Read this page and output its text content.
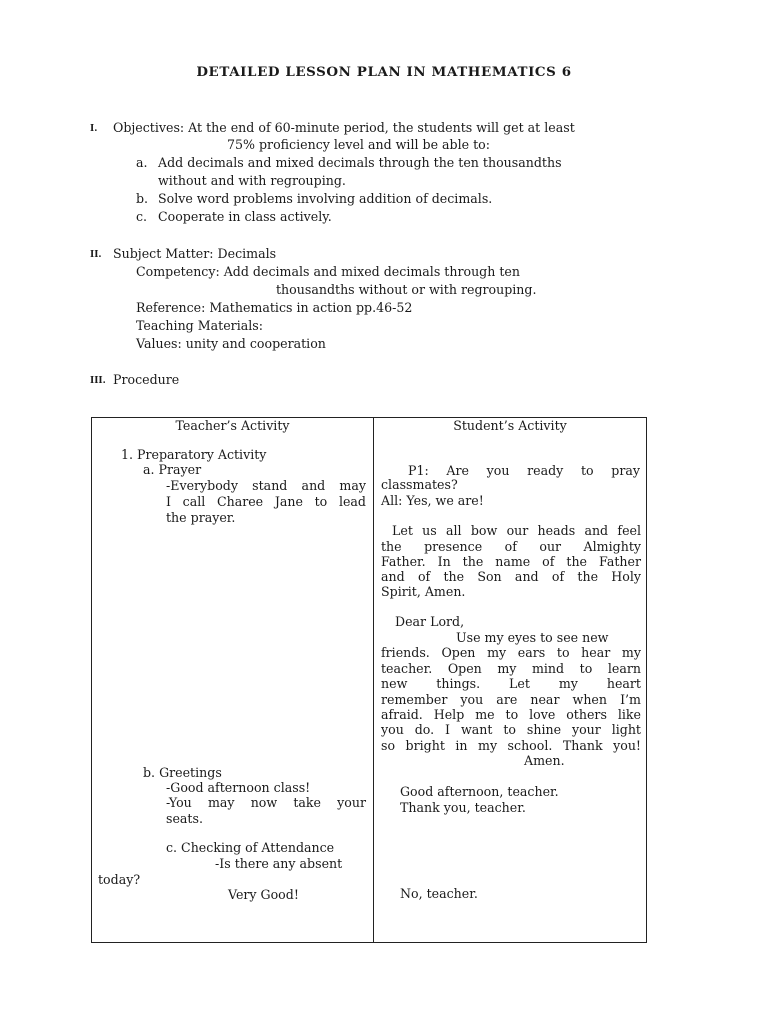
DETAILED LESSON PLAN IN MATHEMATICS 6
I. Objectives: At the end of 60-minute period, the students will get at least
75% proficiency level and will be able to:
a. Add decimals and mixed decimals through the ten thousandths
without and with regrouping.
b. Solve word problems involving addition of decimals.
c. Cooperate in class actively.
II. Subject Matter: Decimals
Competency: Add decimals and mixed decimals through ten
thousandths without or with regrouping.
Reference: Mathematics in action pp.46-52
Teaching Materials:
Values: unity and cooperation
III. Procedure
Teacher’s Activity	Student’s Activity
1. Preparatory Activity
a. Prayer
-Everybody stand and may
I call Charee Jane to lead
the prayer.
b. Greetings
-Good afternoon class!
-You may now take your
seats.
c. Checking of Attendance
-Is there any absent
today?
Very Good!
P1: Are you ready to pray
classmates?
All: Yes, we are!
Let us all bow our heads and feel
the presence of our Almighty
Father. In the name of the Father
and of the Son and of the Holy
Spirit, Amen.
Dear Lord,
Use my eyes to see new
friends. Open my ears to hear my
teacher. Open my mind to learn
new things. Let my heart
remember you are near when I’m
afraid. Help me to love others like
you do. I want to shine your light
so bright in my school. Thank you!
Amen.
Good afternoon, teacher.
Thank you, teacher.
No, teacher.
